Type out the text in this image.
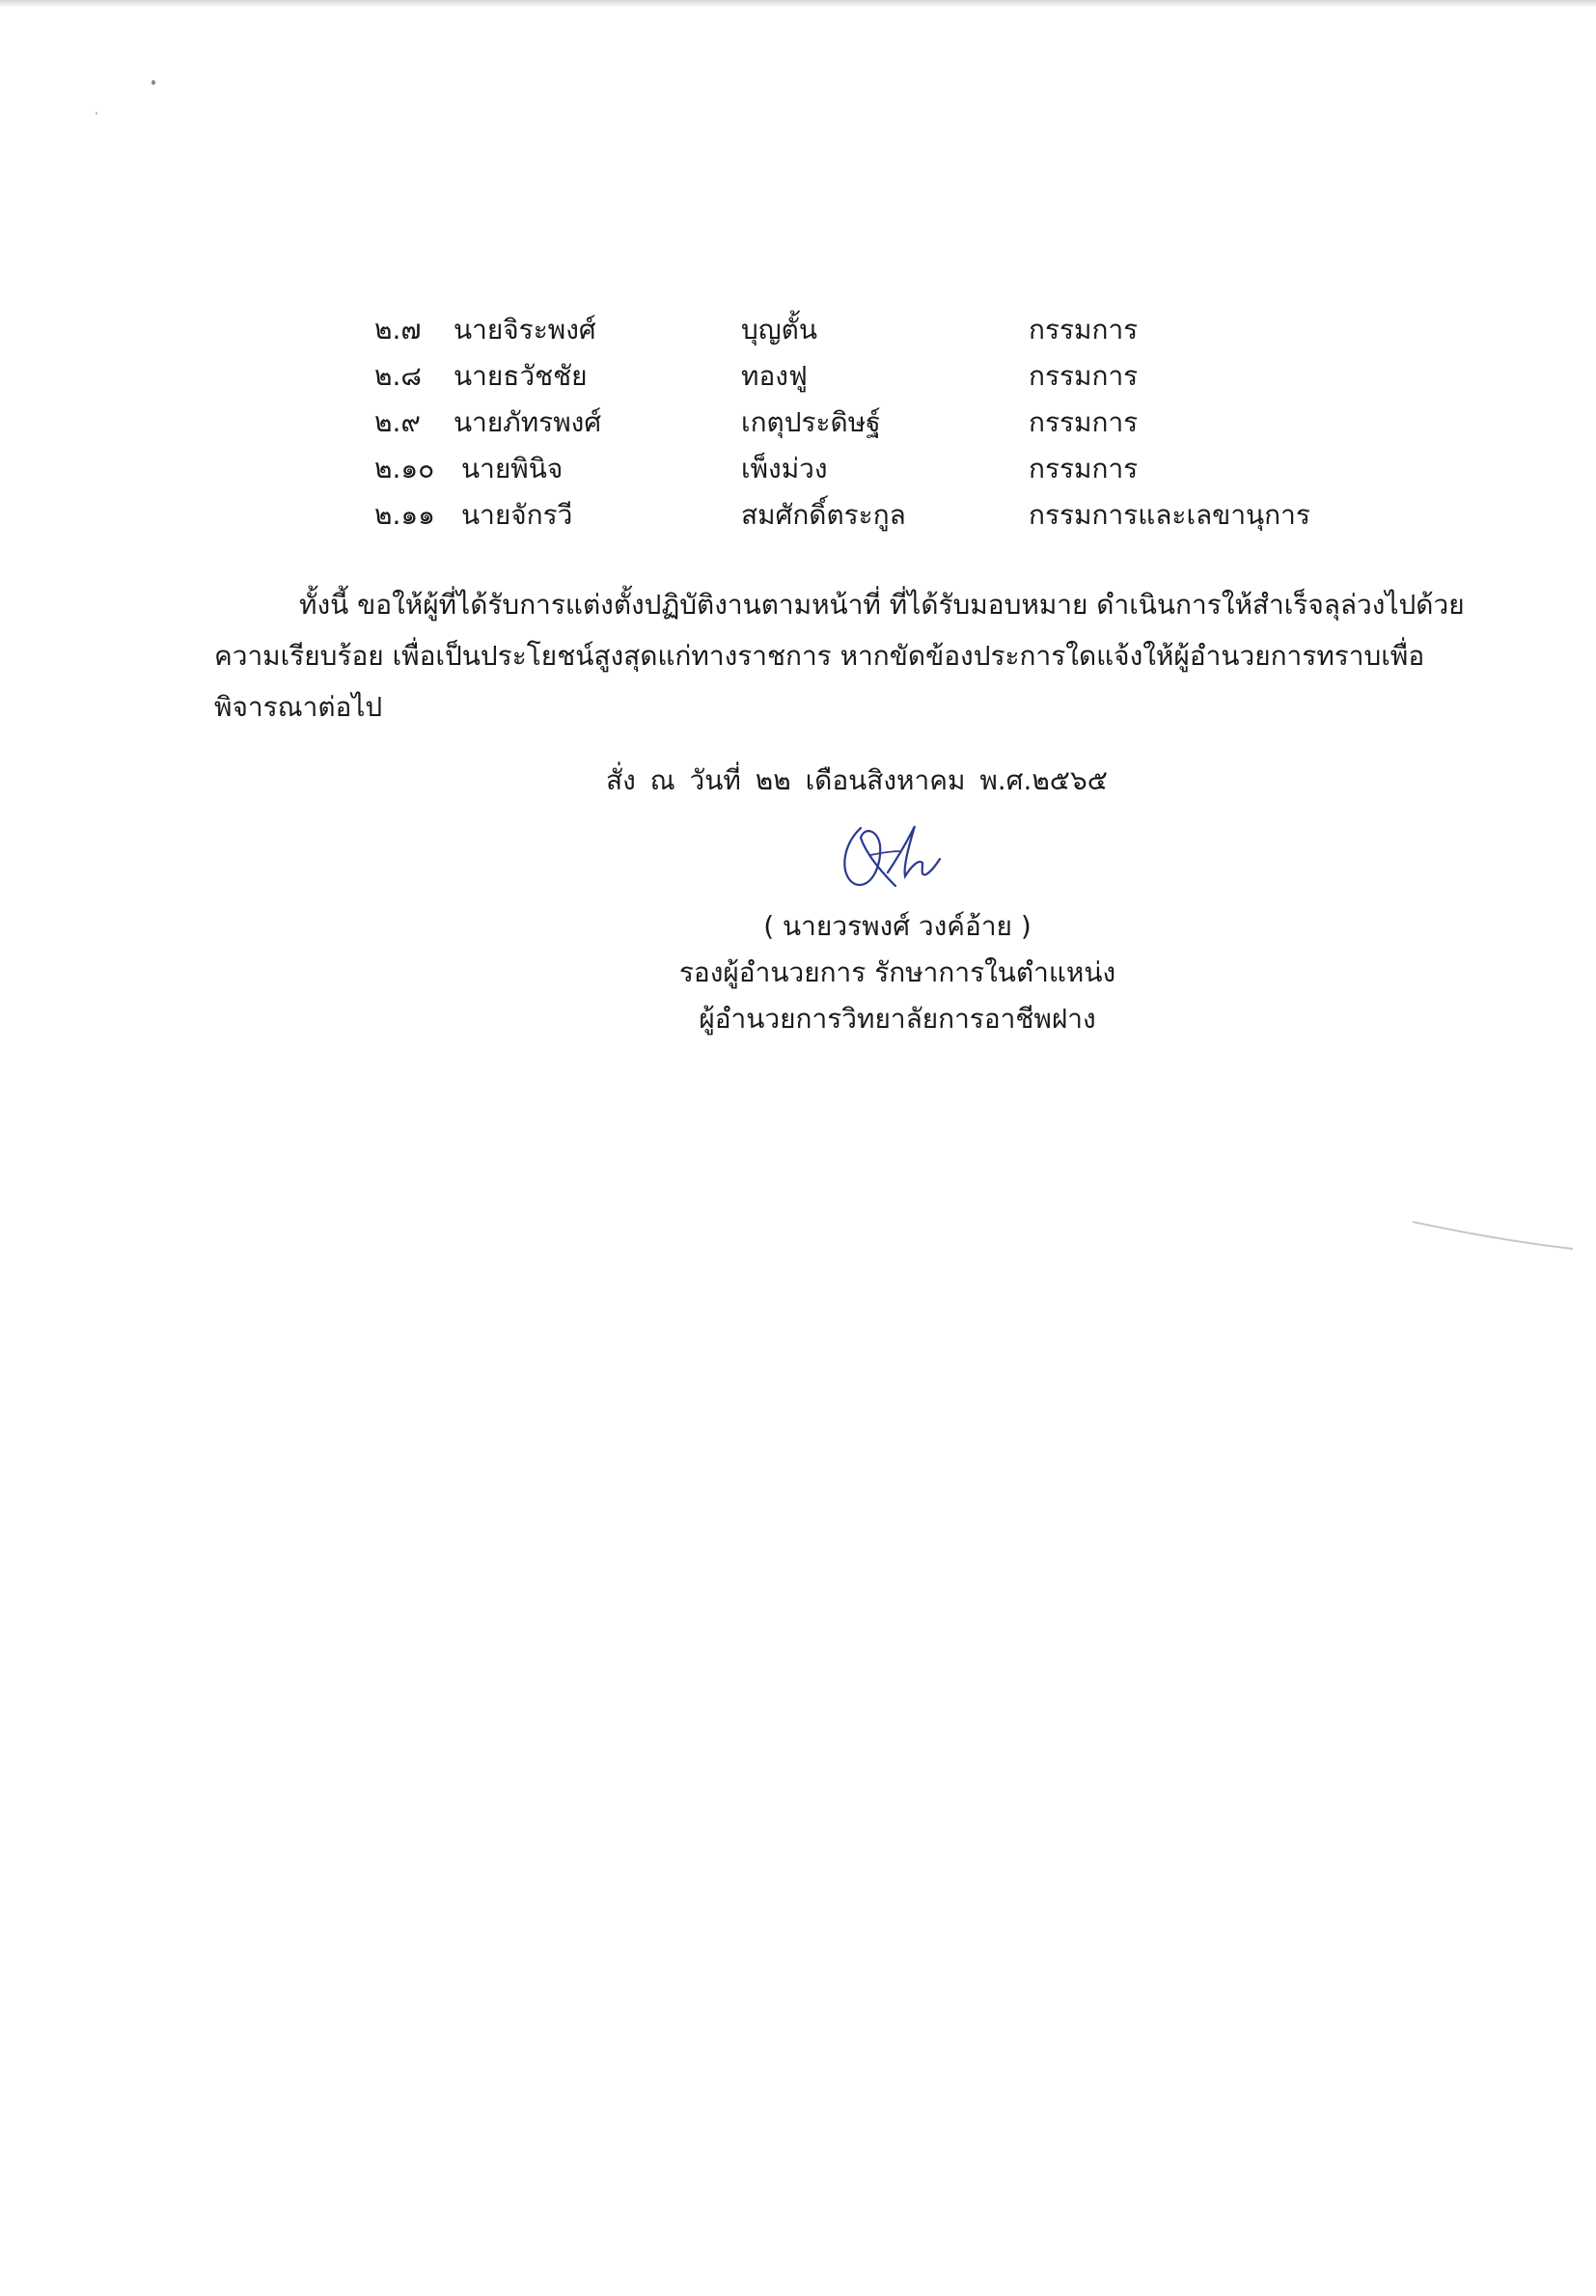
๒.๗ นายจิระพงศ์	บุญตั้น	กรรมการ
๒.๘ นายธวัชชัย	ทองฟู	กรรมการ
๒.๙ นายภัทรพงศ์	เกตุประดิษฐ์	กรรมการ
๒.๑๐ นายพินิจ	เพ็งม่วง	กรรมการ
๒.๑๑ นายจักรวี	สมศักดิ์ตระกูล	กรรมการและเลขานุการ
ทั้งนี้ ขอให้ผู้ที่ได้รับการแต่งตั้งปฏิบัติงานตามหน้าที่ ที่ได้รับมอบหมาย ดำเนินการให้สำเร็จลุล่วงไปด้วย
ความเรียบร้อย เพื่อเป็นประโยชน์สูงสุดแก่ทางราชการ หากขัดข้องประการใดแจ้งให้ผู้อำนวยการทราบเพื่อ
พิจารณาต่อไป
สั่ง ณ วันที่ ๒๒ เดือนสิงหาคม พ.ศ.๒๕๖๕
( นายวรพงศ์ วงค์อ้าย )
รองผู้อำนวยการ รักษาการในตำแหน่ง
ผู้อำนวยการวิทยาลัยการอาชีพฝาง
